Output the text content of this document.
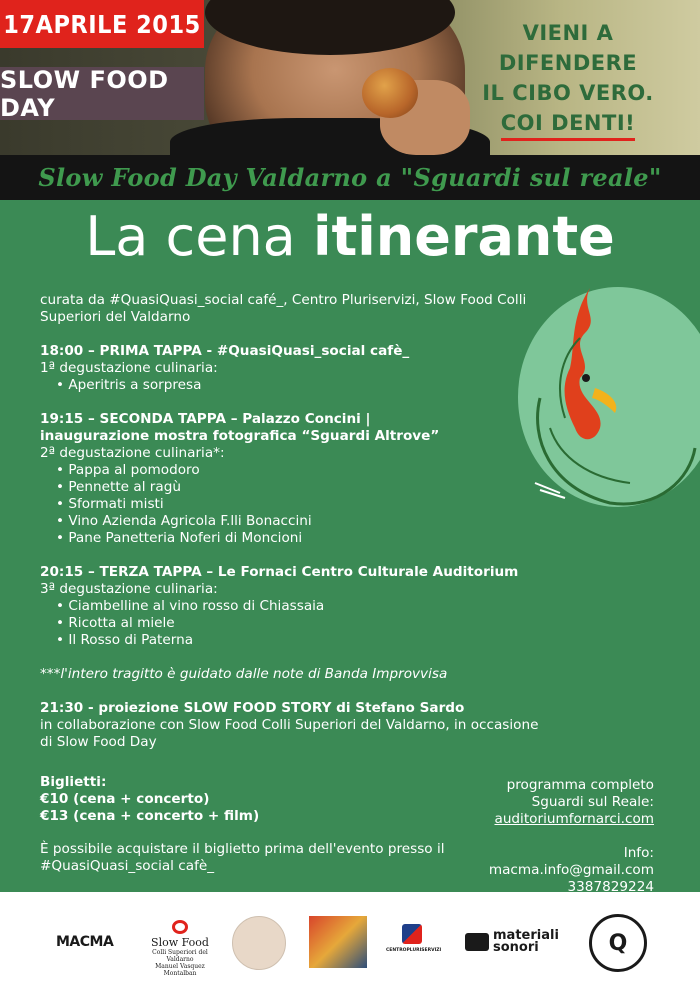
17APRILE 2015
SLOW FOOD DAY
VIENI A DIFENDERE
IL CIBO VERO.
COI DENTI!
Slow Food Day Valdarno a "Sguardi sul reale"
La cena itinerante

curata da #QuasiQuasi_social café_, Centro Pluriservizi, Slow Food Colli Superiori del Valdarno

18:00 – PRIMA TAPPA - #QuasiQuasi_social cafè_

1ª degustazione culinaria:

• Aperitris a sorpresa

19:15 – SECONDA TAPPA – Palazzo Concini |

inaugurazione mostra fotografica “Sguardi Altrove”

2ª degustazione culinaria*:

• Pappa al pomodoro
• Pennette al ragù
• Sformati misti
• Vino Azienda Agricola F.lli Bonaccini
• Pane Panetteria Noferi di Moncioni

20:15 – TERZA TAPPA – Le Fornaci Centro Culturale Auditorium

3ª degustazione culinaria:

• Ciambelline al vino rosso di Chiassaia
• Ricotta al miele
• Il Rosso di Paterna

***l'intero tragitto è guidato dalle note di Banda Improvvisa

21:30 - proiezione SLOW FOOD STORY di Stefano Sardo

in collaborazione con Slow Food Colli Superiori del Valdarno, in occasione di Slow Food Day

Biglietti:

€10 (cena + concerto)

€13 (cena + concerto + film)

È possibile acquistare il biglietto prima dell'evento presso il #QuasiQuasi_social cafè_

programma completo

Sguardi sul Reale:

auditoriumfornarci.com

Info:

macma.info@gmail.com

3387829224

MACMA	Slow Food
Colli Superiori del Valdarno
Manuel Vasquez Montalban
CENTROPLURISERVIZI
materiali
sonori	Q
